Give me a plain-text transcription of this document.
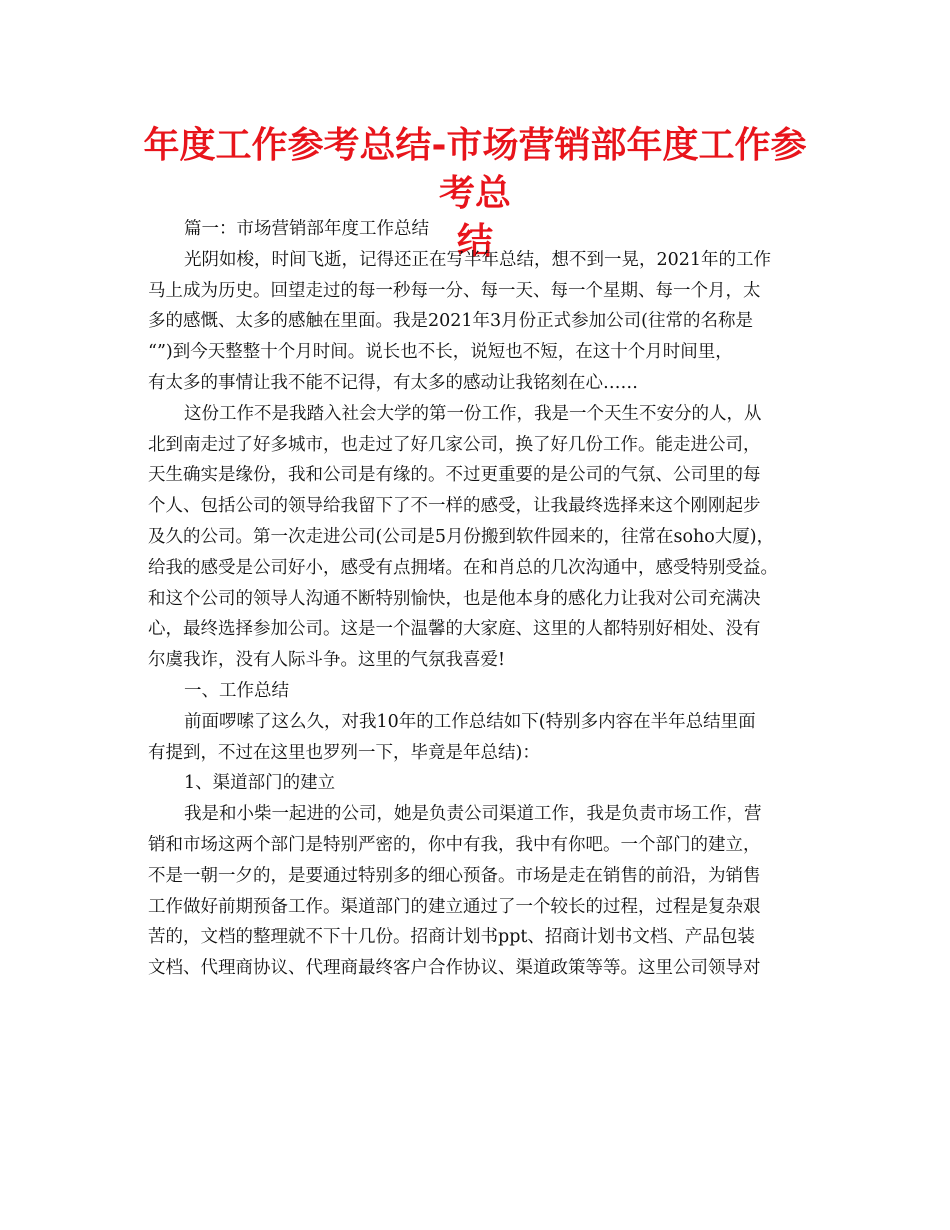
年度工作参考总结-市场营销部年度工作参考总
结
篇一：市场营销部年度工作总结
光阴如梭，时间飞逝，记得还正在写半年总结，想不到一晃，2021年的工作
马上成为历史。回望走过的每一秒每一分、每一天、每一个星期、每一个月，太
多的感慨、太多的感触在里面。我是2021年3月份正式参加公司(往常的名称是
“”)到今天整整十个月时间。说长也不长，说短也不短，在这十个月时间里，
有太多的事情让我不能不记得，有太多的感动让我铭刻在心……
这份工作不是我踏入社会大学的第一份工作，我是一个天生不安分的人，从
北到南走过了好多城市，也走过了好几家公司，换了好几份工作。能走进公司，
天生确实是缘份，我和公司是有缘的。不过更重要的是公司的气氛、公司里的每
个人、包括公司的领导给我留下了不一样的感受，让我最终选择来这个刚刚起步
及久的公司。第一次走进公司(公司是5月份搬到软件园来的，往常在soho大厦)，
给我的感受是公司好小，感受有点拥堵。在和肖总的几次沟通中，感受特别受益。
和这个公司的领导人沟通不断特别愉快，也是他本身的感化力让我对公司充满决
心，最终选择参加公司。这是一个温馨的大家庭、这里的人都特别好相处、没有
尔虞我诈，没有人际斗争。这里的气氛我喜爱!
一、工作总结
前面啰嗦了这么久，对我10年的工作总结如下(特别多内容在半年总结里面
有提到，不过在这里也罗列一下，毕竟是年总结)：
1、渠道部门的建立
我是和小柴一起进的公司，她是负责公司渠道工作，我是负责市场工作，营
销和市场这两个部门是特别严密的，你中有我，我中有你吧。一个部门的建立，
不是一朝一夕的，是要通过特别多的细心预备。市场是走在销售的前沿，为销售
工作做好前期预备工作。渠道部门的建立通过了一个较长的过程，过程是复杂艰
苦的，文档的整理就不下十几份。招商计划书ppt、招商计划书文档、产品包装
文档、代理商协议、代理商最终客户合作协议、渠道政策等等。这里公司领导对
